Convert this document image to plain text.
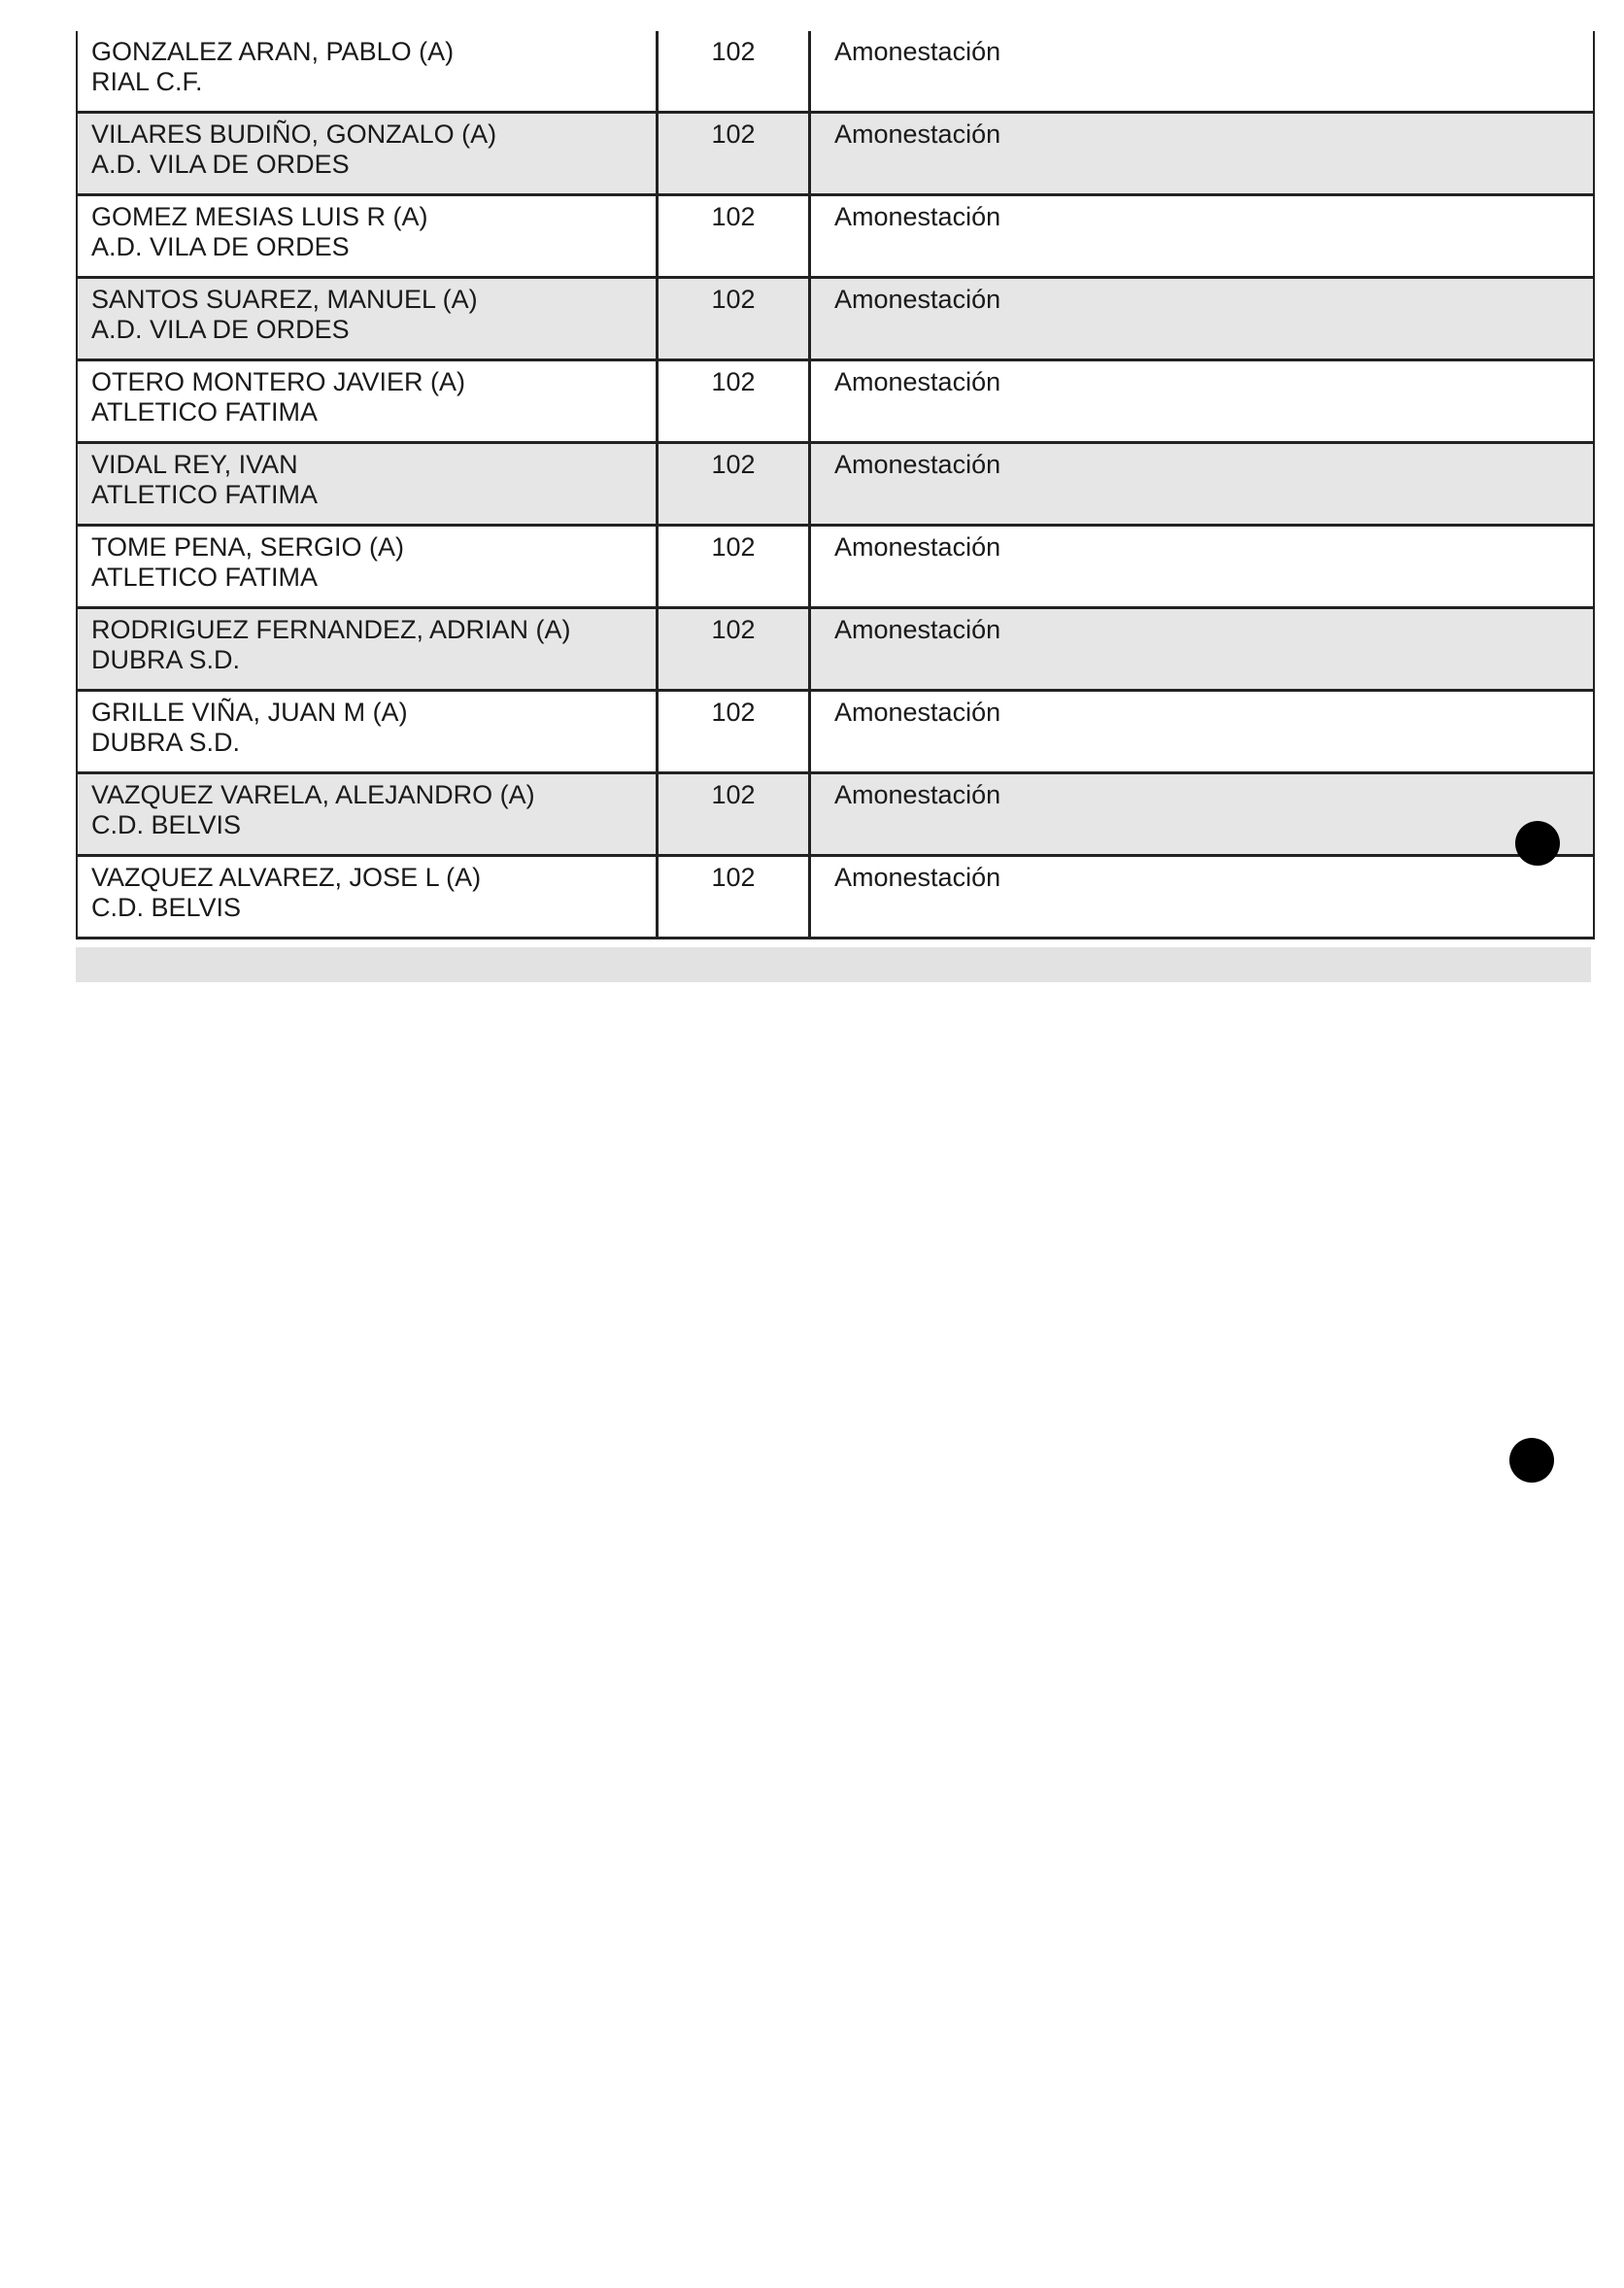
GONZALEZ ARAN, PABLO (A)
RIAL C.F.
102	Amonestación
VILARES BUDIÑO, GONZALO (A)
A.D. VILA DE ORDES
102	Amonestación
GOMEZ MESIAS LUIS R (A)
A.D. VILA DE ORDES
102	Amonestación
SANTOS SUAREZ, MANUEL (A)
A.D. VILA DE ORDES
102	Amonestación
OTERO MONTERO JAVIER (A)
ATLETICO FATIMA
102	Amonestación
VIDAL REY, IVAN
ATLETICO FATIMA
102	Amonestación
TOME PENA, SERGIO (A)
ATLETICO FATIMA
102	Amonestación
RODRIGUEZ FERNANDEZ, ADRIAN (A)
DUBRA S.D.
102	Amonestación
GRILLE VIÑA, JUAN M (A)
DUBRA S.D.
102	Amonestación
VAZQUEZ VARELA, ALEJANDRO (A)
C.D. BELVIS
102	Amonestación
VAZQUEZ ALVAREZ, JOSE L (A)
C.D. BELVIS
102	Amonestación
